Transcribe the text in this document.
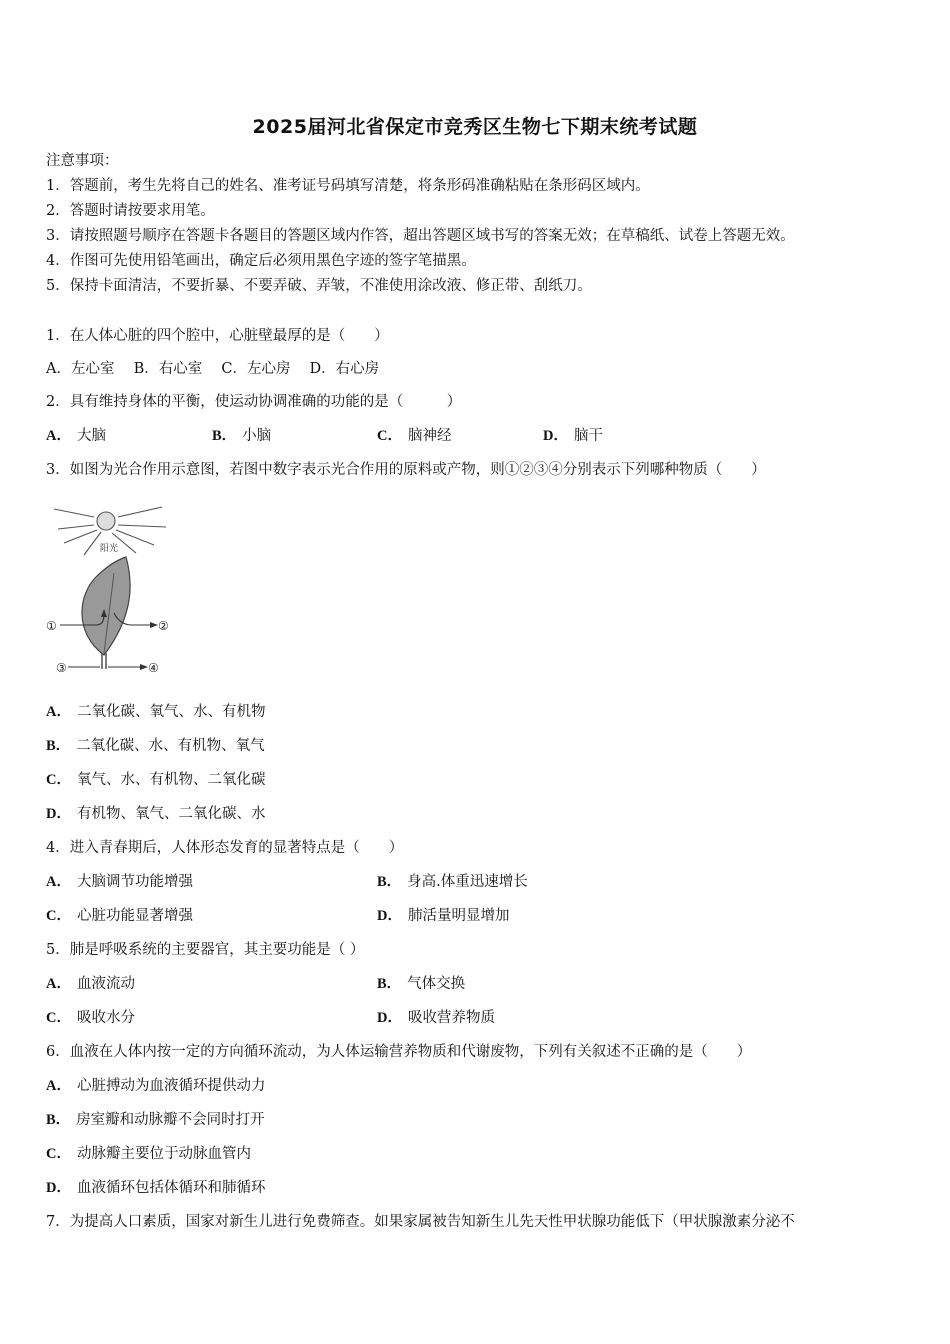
2025届河北省保定市竞秀区生物七下期末统考试题
注意事项：
1．答题前，考生先将自己的姓名、准考证号码填写清楚，将条形码准确粘贴在条形码区域内。
2．答题时请按要求用笔。
3．请按照题号顺序在答题卡各题目的答题区域内作答，超出答题区域书写的答案无效；在草稿纸、试卷上答题无效。
4．作图可先使用铅笔画出，确定后必须用黑色字迹的签字笔描黑。
5．保持卡面清洁，不要折暴、不要弄破、弄皱，不准使用涂改液、修正带、刮纸刀。
1．在人体心脏的四个腔中，心脏壁最厚的是（　　）
A．左心室　 B．右心室　 C．左心房　 D．右心房
2．具有维持身体的平衡，使运动协调准确的功能的是（　　　）
A． 大脑	B． 小脑	C． 脑神经	D． 脑干
3．如图为光合作用示意图，若图中数字表示光合作用的原料或产物，则①②③④分别表示下列哪种物质（　　）
阳光
①	②
③	④
A． 二氧化碳、氧气、水、有机物
B． 二氧化碳、水、有机物、氧气
C． 氧气、水、有机物、二氧化碳
D． 有机物、氧气、二氧化碳、水
4．进入青春期后，人体形态发育的显著特点是（　　）
A． 大脑调节功能增强	B． 身高.体重迅速增长
C． 心脏功能显著增强	D． 肺活量明显增加
5．肺是呼吸系统的主要器官，其主要功能是（ ）
A． 血液流动	B． 气体交换
C． 吸收水分	D． 吸收营养物质
6．血液在人体内按一定的方向循环流动，为人体运输营养物质和代谢废物，下列有关叙述不正确的是（　　）
A． 心脏搏动为血液循环提供动力
B． 房室瓣和动脉瓣不会同时打开
C． 动脉瓣主要位于动脉血管内
D． 血液循环包括体循环和肺循环
7．为提高人口素质，国家对新生儿进行免费筛查。如果家属被告知新生儿先天性甲状腺功能低下（甲状腺激素分泌不
